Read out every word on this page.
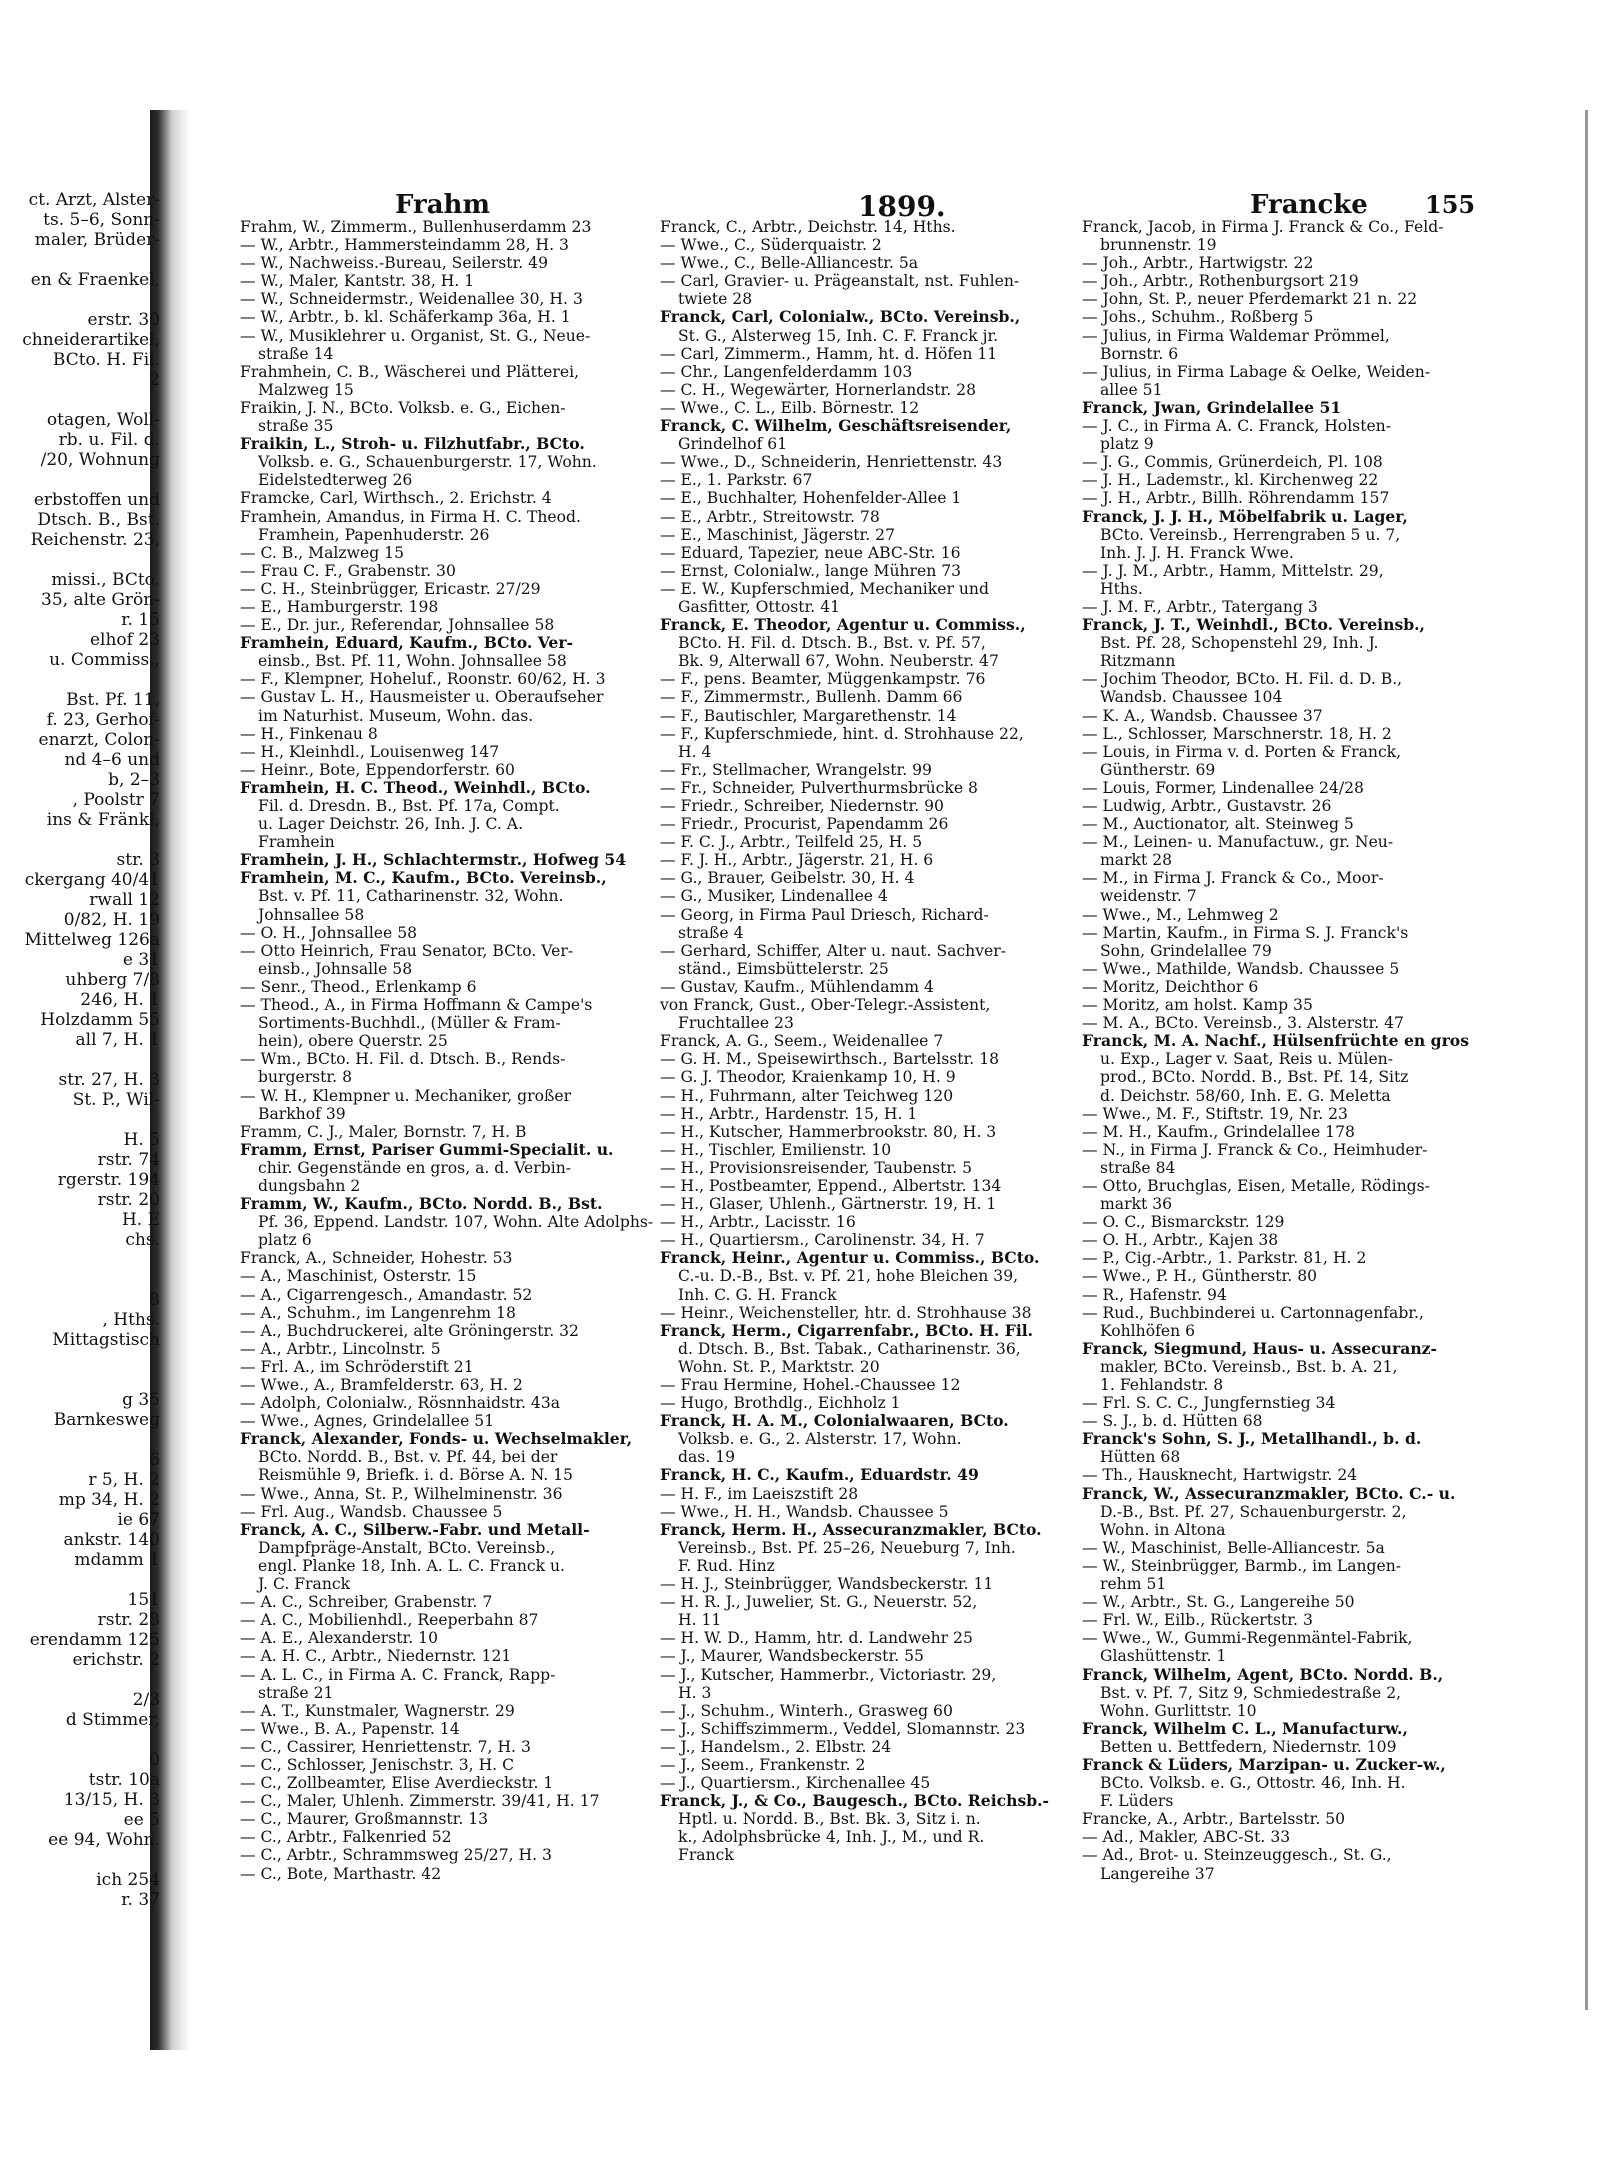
ct. Arzt, Alster-
ts. 5–6, Sonn-
maler, Brüder-
en & Fraenkel,
erstr. 30
chneiderartikel,
BCto. H. Fil.
2
otagen, Woll-
rb. u. Fil. d.
/20, Wohnung
erbstoffen und
Dtsch. B., Bst.
Reichenstr. 23,
missi., BCto.
35, alte Grön-
r. 15
elhof 23
u. Commiss.,
Bst. Pf. 11,
f. 23, Gerhof-
enarzt, Colon-
nd 4–6 und
b, 2–3
, Poolstr 7
ins & Fränkl,
str. 3
ckergang 40/41
rwall 12
0/82, H. 19
Mittelweg 126a
e 31
uhberg 7/8
246, H. 1
Holzdamm 55
all 7, H. 1
str. 27, H. 3
St. P., Wil-
H. 5
rstr. 74
rgerstr. 194
rstr. 20
H. E
chs.
8
, Hths.
Mittagstisch
g 35
Barnkesweg
6
r 5, H. 2
mp 34, H. 2
ie 67
ankstr. 140
mdamm 1
151
rstr. 28
erendamm 125
erichstr. 2
2/3
d Stimmer,
0
tstr. 10a
13/15, H. 3
ee 5
ee 94, Wohn.
ich 254
r. 37
Frahm	1899.	Francke 155
Frahm, W., Zimmerm., Bullenhuserdamm 23
— W., Arbtr., Hammersteindamm 28, H. 3
— W., Nachweiss.-Bureau, Seilerstr. 49
— W., Maler, Kantstr. 38, H. 1
— W., Schneidermstr., Weidenallee 30, H. 3
— W., Arbtr., b. kl. Schäferkamp 36a, H. 1
— W., Musiklehrer u. Organist, St. G., Neue-
straße 14
Frahmhein, C. B., Wäscherei und Plätterei,
Malzweg 15
Fraikin, J. N., BCto. Volksb. e. G., Eichen-
straße 35
Fraikin, L., Stroh- u. Filzhutfabr., BCto.
Volksb. e. G., Schauenburgerstr. 17, Wohn.
Eidelstedterweg 26
Framcke, Carl, Wirthsch., 2. Erichstr. 4
Framhein, Amandus, in Firma H. C. Theod.
Framhein, Papenhuderstr. 26
— C. B., Malzweg 15
— Frau C. F., Grabenstr. 30
— C. H., Steinbrügger, Ericastr. 27/29
— E., Hamburgerstr. 198
— E., Dr. jur., Referendar, Johnsallee 58
Framhein, Eduard, Kaufm., BCto. Ver-
einsb., Bst. Pf. 11, Wohn. Johnsallee 58
— F., Klempner, Hoheluf., Roonstr. 60/62, H. 3
— Gustav L. H., Hausmeister u. Oberaufseher
im Naturhist. Museum, Wohn. das.
— H., Finkenau 8
— H., Kleinhdl., Louisenweg 147
— Heinr., Bote, Eppendorferstr. 60
Framhein, H. C. Theod., Weinhdl., BCto.
Fil. d. Dresdn. B., Bst. Pf. 17a, Compt.
u. Lager Deichstr. 26, Inh. J. C. A.
Framhein
Framhein, J. H., Schlachtermstr., Hofweg 54
Framhein, M. C., Kaufm., BCto. Vereinsb.,
Bst. v. Pf. 11, Catharinenstr. 32, Wohn.
Johnsallee 58
— O. H., Johnsallee 58
— Otto Heinrich, Frau Senator, BCto. Ver-
einsb., Johnsalle 58
— Senr., Theod., Erlenkamp 6
— Theod., A., in Firma Hoffmann & Campe's
Sortiments-Buchhdl., (Müller & Fram-
hein), obere Querstr. 25
— Wm., BCto. H. Fil. d. Dtsch. B., Rends-
burgerstr. 8
— W. H., Klempner u. Mechaniker, großer
Barkhof 39
Framm, C. J., Maler, Bornstr. 7, H. B
Framm, Ernst, Pariser Gummi-Specialit. u.
chir. Gegenstände en gros, a. d. Verbin-
dungsbahn 2
Framm, W., Kaufm., BCto. Nordd. B., Bst.
Pf. 36, Eppend. Landstr. 107, Wohn. Alte Adolphs-
platz 6
Franck, A., Schneider, Hohestr. 53
— A., Maschinist, Osterstr. 15
— A., Cigarrengesch., Amandastr. 52
— A., Schuhm., im Langenrehm 18
— A., Buchdruckerei, alte Gröningerstr. 32
— A., Arbtr., Lincolnstr. 5
— Frl. A., im Schröderstift 21
— Wwe., A., Bramfelderstr. 63, H. 2
— Adolph, Colonialw., Rösnnhaidstr. 43a
— Wwe., Agnes, Grindelallee 51
Franck, Alexander, Fonds- u. Wechselmakler,
BCto. Nordd. B., Bst. v. Pf. 44, bei der
Reismühle 9, Briefk. i. d. Börse A. N. 15
— Wwe., Anna, St. P., Wilhelminenstr. 36
— Frl. Aug., Wandsb. Chaussee 5
Franck, A. C., Silberw.-Fabr. und Metall-
Dampfpräge-Anstalt, BCto. Vereinsb.,
engl. Planke 18, Inh. A. L. C. Franck u.
J. C. Franck
— A. C., Schreiber, Grabenstr. 7
— A. C., Mobilienhdl., Reeperbahn 87
— A. E., Alexanderstr. 10
— A. H. C., Arbtr., Niedernstr. 121
— A. L. C., in Firma A. C. Franck, Rapp-
straße 21
— A. T., Kunstmaler, Wagnerstr. 29
— Wwe., B. A., Papenstr. 14
— C., Cassirer, Henriettenstr. 7, H. 3
— C., Schlosser, Jenischstr. 3, H. C
— C., Zollbeamter, Elise Averdieckstr. 1
— C., Maler, Uhlenh. Zimmerstr. 39/41, H. 17
— C., Maurer, Großmannstr. 13
— C., Arbtr., Falkenried 52
— C., Arbtr., Schrammsweg 25/27, H. 3
— C., Bote, Marthastr. 42
Franck, C., Arbtr., Deichstr. 14, Hths.
— Wwe., C., Süderquaistr. 2
— Wwe., C., Belle-Alliancestr. 5a
— Carl, Gravier- u. Prägeanstalt, nst. Fuhlen-
twiete 28
Franck, Carl, Colonialw., BCto. Vereinsb.,
St. G., Alsterweg 15, Inh. C. F. Franck jr.
— Carl, Zimmerm., Hamm, ht. d. Höfen 11
— Chr., Langenfelderdamm 103
— C. H., Wegewärter, Hornerlandstr. 28
— Wwe., C. L., Eilb. Börnestr. 12
Franck, C. Wilhelm, Geschäftsreisender,
Grindelhof 61
— Wwe., D., Schneiderin, Henriettenstr. 43
— E., 1. Parkstr. 67
— E., Buchhalter, Hohenfelder-Allee 1
— E., Arbtr., Streitowstr. 78
— E., Maschinist, Jägerstr. 27
— Eduard, Tapezier, neue ABC-Str. 16
— Ernst, Colonialw., lange Mühren 73
— E. W., Kupferschmied, Mechaniker und
Gasfitter, Ottostr. 41
Franck, E. Theodor, Agentur u. Commiss.,
BCto. H. Fil. d. Dtsch. B., Bst. v. Pf. 57,
Bk. 9, Alterwall 67, Wohn. Neuberstr. 47
— F., pens. Beamter, Müggenkampstr. 76
— F., Zimmermstr., Bullenh. Damm 66
— F., Bautischler, Margarethenstr. 14
— F., Kupferschmiede, hint. d. Strohhause 22,
H. 4
— Fr., Stellmacher, Wrangelstr. 99
— Fr., Schneider, Pulverthurmsbrücke 8
— Friedr., Schreiber, Niedernstr. 90
— Friedr., Procurist, Papendamm 26
— F. C. J., Arbtr., Teilfeld 25, H. 5
— F. J. H., Arbtr., Jägerstr. 21, H. 6
— G., Brauer, Geibelstr. 30, H. 4
— G., Musiker, Lindenallee 4
— Georg, in Firma Paul Driesch, Richard-
straße 4
— Gerhard, Schiffer, Alter u. naut. Sachver-
ständ., Eimsbüttelerstr. 25
— Gustav, Kaufm., Mühlendamm 4
von Franck, Gust., Ober-Telegr.-Assistent,
Fruchtallee 23
Franck, A. G., Seem., Weidenallee 7
— G. H. M., Speisewirthsch., Bartelsstr. 18
— G. J. Theodor, Kraienkamp 10, H. 9
— H., Fuhrmann, alter Teichweg 120
— H., Arbtr., Hardenstr. 15, H. 1
— H., Kutscher, Hammerbrookstr. 80, H. 3
— H., Tischler, Emilienstr. 10
— H., Provisionsreisender, Taubenstr. 5
— H., Postbeamter, Eppend., Albertstr. 134
— H., Glaser, Uhlenh., Gärtnerstr. 19, H. 1
— H., Arbtr., Lacisstr. 16
— H., Quartiersm., Carolinenstr. 34, H. 7
Franck, Heinr., Agentur u. Commiss., BCto.
C.-u. D.-B., Bst. v. Pf. 21, hohe Bleichen 39,
Inh. C. G. H. Franck
— Heinr., Weichensteller, htr. d. Strohhause 38
Franck, Herm., Cigarrenfabr., BCto. H. Fil.
d. Dtsch. B., Bst. Tabak., Catharinenstr. 36,
Wohn. St. P., Marktstr. 20
— Frau Hermine, Hohel.-Chaussee 12
— Hugo, Brothdlg., Eichholz 1
Franck, H. A. M., Colonialwaaren, BCto.
Volksb. e. G., 2. Alsterstr. 17, Wohn.
das. 19
Franck, H. C., Kaufm., Eduardstr. 49
— H. F., im Laeiszstift 28
— Wwe., H. H., Wandsb. Chaussee 5
Franck, Herm. H., Assecuranzmakler, BCto.
Vereinsb., Bst. Pf. 25–26, Neueburg 7, Inh.
F. Rud. Hinz
— H. J., Steinbrügger, Wandsbeckerstr. 11
— H. R. J., Juwelier, St. G., Neuerstr. 52,
H. 11
— H. W. D., Hamm, htr. d. Landwehr 25
— J., Maurer, Wandsbeckerstr. 55
— J., Kutscher, Hammerbr., Victoriastr. 29,
H. 3
— J., Schuhm., Winterh., Grasweg 60
— J., Schiffszimmerm., Veddel, Slomannstr. 23
— J., Handelsm., 2. Elbstr. 24
— J., Seem., Frankenstr. 2
— J., Quartiersm., Kirchenallee 45
Franck, J., & Co., Baugesch., BCto. Reichsb.-
Hptl. u. Nordd. B., Bst. Bk. 3, Sitz i. n.
k., Adolphsbrücke 4, Inh. J., M., und R.
Franck
Franck, Jacob, in Firma J. Franck & Co., Feld-
brunnenstr. 19
— Joh., Arbtr., Hartwigstr. 22
— Joh., Arbtr., Rothenburgsort 219
— John, St. P., neuer Pferdemarkt 21 n. 22
— Johs., Schuhm., Roßberg 5
— Julius, in Firma Waldemar Prömmel,
Bornstr. 6
— Julius, in Firma Labage & Oelke, Weiden-
allee 51
Franck, Jwan, Grindelallee 51
— J. C., in Firma A. C. Franck, Holsten-
platz 9
— J. G., Commis, Grünerdeich, Pl. 108
— J. H., Lademstr., kl. Kirchenweg 22
— J. H., Arbtr., Billh. Röhrendamm 157
Franck, J. J. H., Möbelfabrik u. Lager,
BCto. Vereinsb., Herrengraben 5 u. 7,
Inh. J. J. H. Franck Wwe.
— J. J. M., Arbtr., Hamm, Mittelstr. 29,
Hths.
— J. M. F., Arbtr., Tatergang 3
Franck, J. T., Weinhdl., BCto. Vereinsb.,
Bst. Pf. 28, Schopenstehl 29, Inh. J.
Ritzmann
— Jochim Theodor, BCto. H. Fil. d. D. B.,
Wandsb. Chaussee 104
— K. A., Wandsb. Chaussee 37
— L., Schlosser, Marschnerstr. 18, H. 2
— Louis, in Firma v. d. Porten & Franck,
Güntherstr. 69
— Louis, Former, Lindenallee 24/28
— Ludwig, Arbtr., Gustavstr. 26
— M., Auctionator, alt. Steinweg 5
— M., Leinen- u. Manufactuw., gr. Neu-
markt 28
— M., in Firma J. Franck & Co., Moor-
weidenstr. 7
— Wwe., M., Lehmweg 2
— Martin, Kaufm., in Firma S. J. Franck's
Sohn, Grindelallee 79
— Wwe., Mathilde, Wandsb. Chaussee 5
— Moritz, Deichthor 6
— Moritz, am holst. Kamp 35
— M. A., BCto. Vereinsb., 3. Alsterstr. 47
Franck, M. A. Nachf., Hülsenfrüchte en gros
u. Exp., Lager v. Saat, Reis u. Mülen-
prod., BCto. Nordd. B., Bst. Pf. 14, Sitz
d. Deichstr. 58/60, Inh. E. G. Meletta
— Wwe., M. F., Stiftstr. 19, Nr. 23
— M. H., Kaufm., Grindelallee 178
— N., in Firma J. Franck & Co., Heimhuder-
straße 84
— Otto, Bruchglas, Eisen, Metalle, Rödings-
markt 36
— O. C., Bismarckstr. 129
— O. H., Arbtr., Kajen 38
— P., Cig.-Arbtr., 1. Parkstr. 81, H. 2
— Wwe., P. H., Güntherstr. 80
— R., Hafenstr. 94
— Rud., Buchbinderei u. Cartonnagenfabr.,
Kohlhöfen 6
Franck, Siegmund, Haus- u. Assecuranz-
makler, BCto. Vereinsb., Bst. b. A. 21,
1. Fehlandstr. 8
— Frl. S. C. C., Jungfernstieg 34
— S. J., b. d. Hütten 68
Franck's Sohn, S. J., Metallhandl., b. d.
Hütten 68
— Th., Hausknecht, Hartwigstr. 24
Franck, W., Assecuranzmakler, BCto. C.- u.
D.-B., Bst. Pf. 27, Schauenburgerstr. 2,
Wohn. in Altona
— W., Maschinist, Belle-Alliancestr. 5a
— W., Steinbrügger, Barmb., im Langen-
rehm 51
— W., Arbtr., St. G., Langereihe 50
— Frl. W., Eilb., Rückertstr. 3
— Wwe., W., Gummi-Regenmäntel-Fabrik,
Glashüttenstr. 1
Franck, Wilhelm, Agent, BCto. Nordd. B.,
Bst. v. Pf. 7, Sitz 9, Schmiedestraße 2,
Wohn. Gurlittstr. 10
Franck, Wilhelm C. L., Manufacturw.,
Betten u. Bettfedern, Niedernstr. 109
Franck & Lüders, Marzipan- u. Zucker-w.,
BCto. Volksb. e. G., Ottostr. 46, Inh. H.
F. Lüders
Francke, A., Arbtr., Bartelsstr. 50
— Ad., Makler, ABC-St. 33
— Ad., Brot- u. Steinzeuggesch., St. G.,
Langereihe 37
